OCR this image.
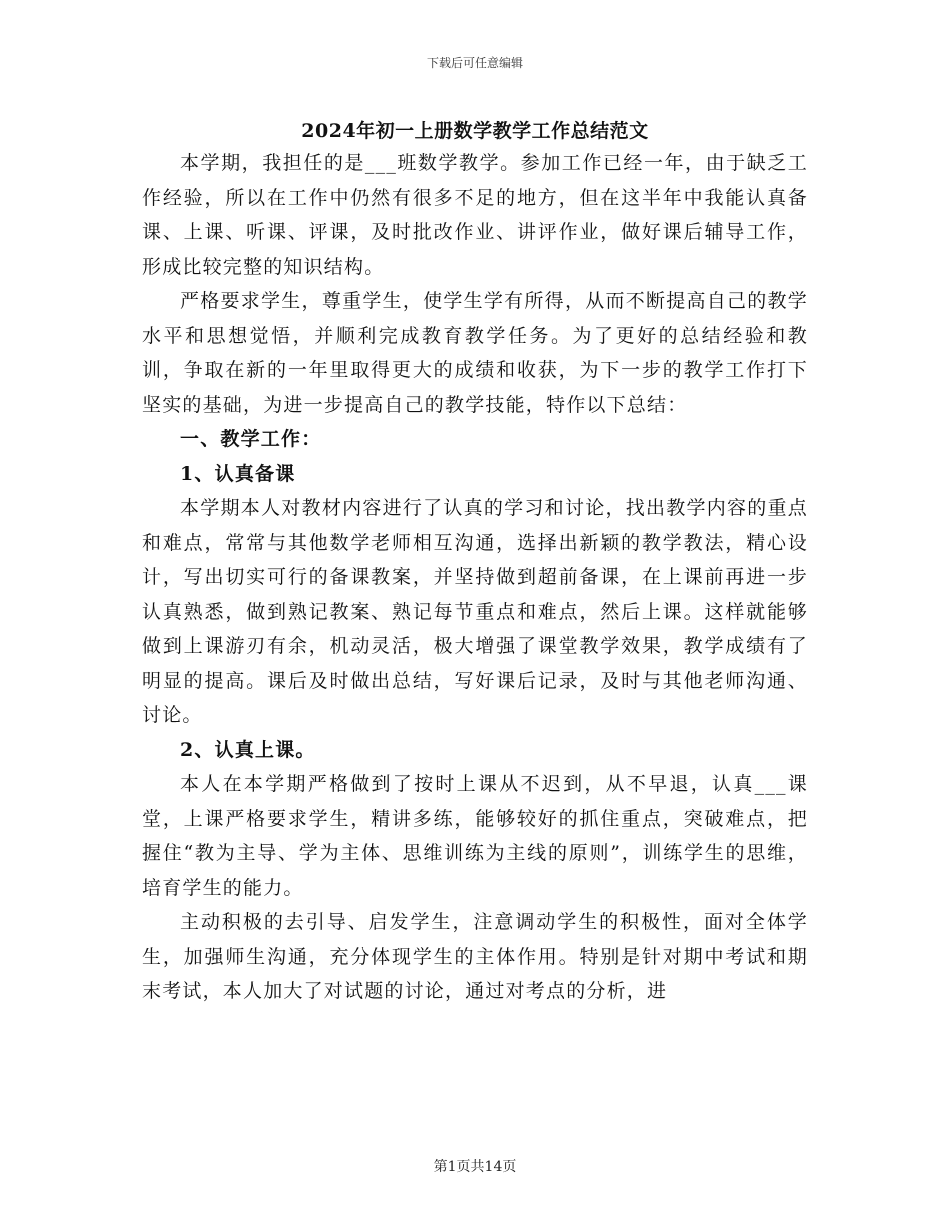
下载后可任意编辑
2024年初一上册数学教学工作总结范文

本学期，我担任的是___班数学教学。参加工作已经一年，由于缺乏工作经验，所以在工作中仍然有很多不足的地方，但在这半年中我能认真备课、上课、听课、评课，及时批改作业、讲评作业，做好课后辅导工作，形成比较完整的知识结构。

严格要求学生，尊重学生，使学生学有所得，从而不断提高自己的教学水平和思想觉悟，并顺利完成教育教学任务。为了更好的总结经验和教训，争取在新的一年里取得更大的成绩和收获，为下一步的教学工作打下坚实的基础，为进一步提高自己的教学技能，特作以下总结：

一、教学工作：

1、认真备课

本学期本人对教材内容进行了认真的学习和讨论，找出教学内容的重点和难点，常常与其他数学老师相互沟通，选择出新颖的教学教法，精心设计，写出切实可行的备课教案，并坚持做到超前备课，在上课前再进一步认真熟悉，做到熟记教案、熟记每节重点和难点，然后上课。这样就能够做到上课游刃有余，机动灵活，极大增强了课堂教学效果，教学成绩有了明显的提高。课后及时做出总结，写好课后记录，及时与其他老师沟通、讨论。

2、认真上课。

本人在本学期严格做到了按时上课从不迟到，从不早退，认真___课堂，上课严格要求学生，精讲多练，能够较好的抓住重点，突破难点，把握住“教为主导、学为主体、思维训练为主线的原则”，训练学生的思维，培育学生的能力。

主动积极的去引导、启发学生，注意调动学生的积极性，面对全体学生，加强师生沟通，充分体现学生的主体作用。特别是针对期中考试和期末考试，本人加大了对试题的讨论，通过对考点的分析，进

第1页共14页
